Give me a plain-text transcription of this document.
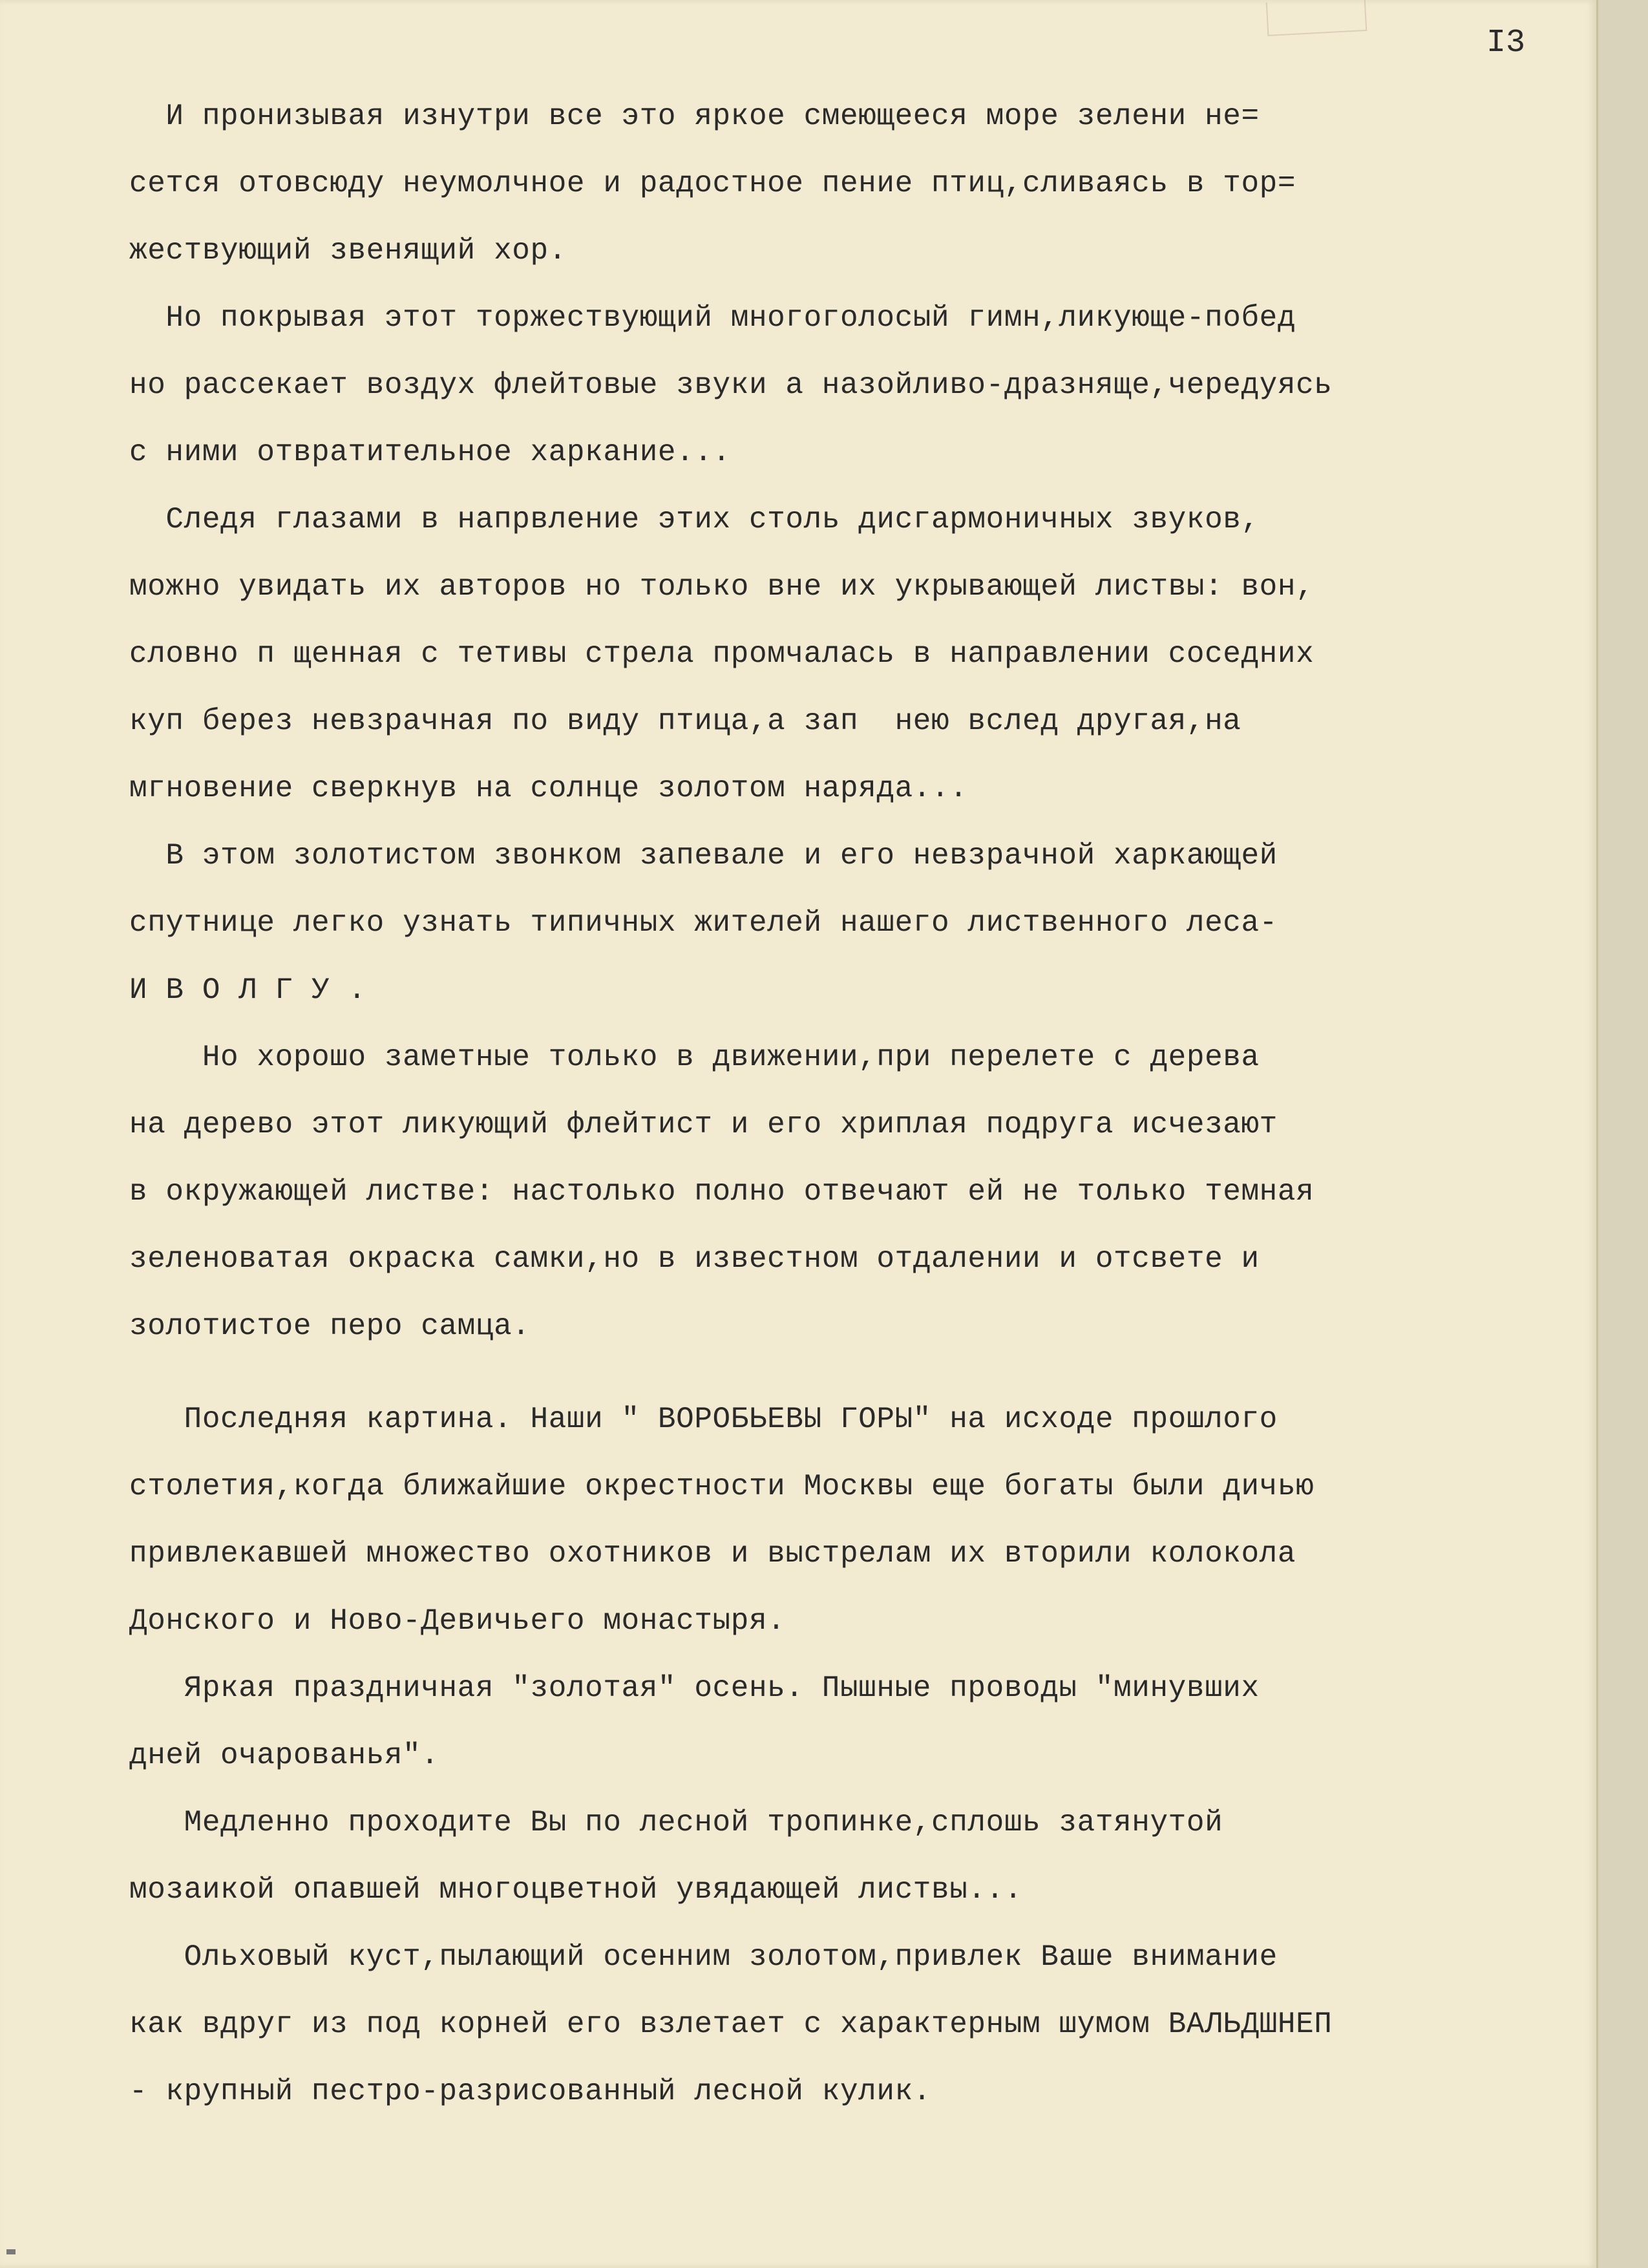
I3
И пронизывая изнутри все это яркое смеющееся море зелени не=
сется отовсюду неумолчное и радостное пение птиц,сливаясь в тор=
жествующий звенящий хор.
Но покрывая этот торжествующий многоголосый гимн,ликующе-побед
но рассекает воздух флейтовые звуки а назойливо-дразняще,чередуясь
с ними отвратительное харкание...
Следя глазами в напрвление этих столь дисгармоничных звуков,
можно увидать их авторов но только вне их укрывающей листвы: вон,
словно п щенная с тетивы стрела промчалась в направлении соседних
куп берез невзрачная по виду птица,а зап  нею вслед другая,на
мгновение сверкнув на солнце золотом наряда...
В этом золотистом звонком запевале и его невзрачной харкающей
спутнице легко узнать типичных жителей нашего лиственного леса-
И В О Л Г У .
Но хорошо заметные только в движении,при перелете с дерева
на дерево этот ликующий флейтист и его хриплая подруга исчезают
в окружающей листве: настолько полно отвечают ей не только темная
зеленоватая окраска самки,но в известном отдалении и отсвете и
золотистое перо самца.
Последняя картина. Наши " ВОРОБЬЕВЫ ГОРЫ" на исходе прошлого
столетия,когда ближайшие окрестности Москвы еще богаты были дичью
привлекавшей множество охотников и выстрелам их вторили колокола
Донского и Ново-Девичьего монастыря.
Яркая праздничная "золотая" осень. Пышные проводы "минувших
дней очарованья".
Медленно проходите Вы по лесной тропинке,сплошь затянутой
мозаикой опавшей многоцветной увядающей листвы...
Ольховый куст,пылающий осенним золотом,привлек Ваше внимание
как вдруг из под корней его взлетает с характерным шумом ВАЛЬДШНЕП
- крупный пестро-разрисованный лесной кулик.
